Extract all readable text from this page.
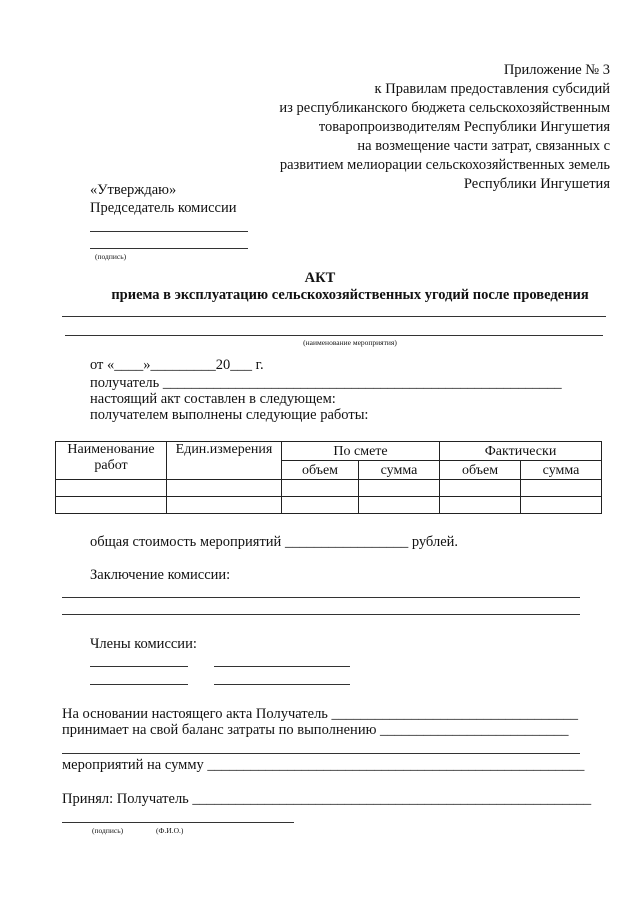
Приложение № 3
к Правилам предоставления субсидий
из республиканского бюджета сельскохозяйственным
товаропроизводителям Республики Ингушетия
на возмещение части затрат, связанных с
развитием мелиорации сельскохозяйственных земель
Республики Ингушетия
«Утверждаю»
Председатель комиссии
(подпись)
АКТ
приема в эксплуатацию сельскохозяйственных угодий после проведения
(наименование мероприятия)
от «____»_________20___ г.
получатель _______________________________________________________
настоящий акт составлен в следующем:
получателем выполнены следующие работы:
Наименование работ	Един.измерения	По смете		Фактически	
		объем	сумма	объем	сумма

общая стоимость мероприятий _________________ рублей.
Заключение комиссии:
Члены комиссии:
На основании настоящего акта Получатель __________________________________
принимает на свой баланс затраты по выполнению __________________________
мероприятий на сумму ____________________________________________________
Принял: Получатель _______________________________________________________
(подпись)	(Ф.И.О.)
